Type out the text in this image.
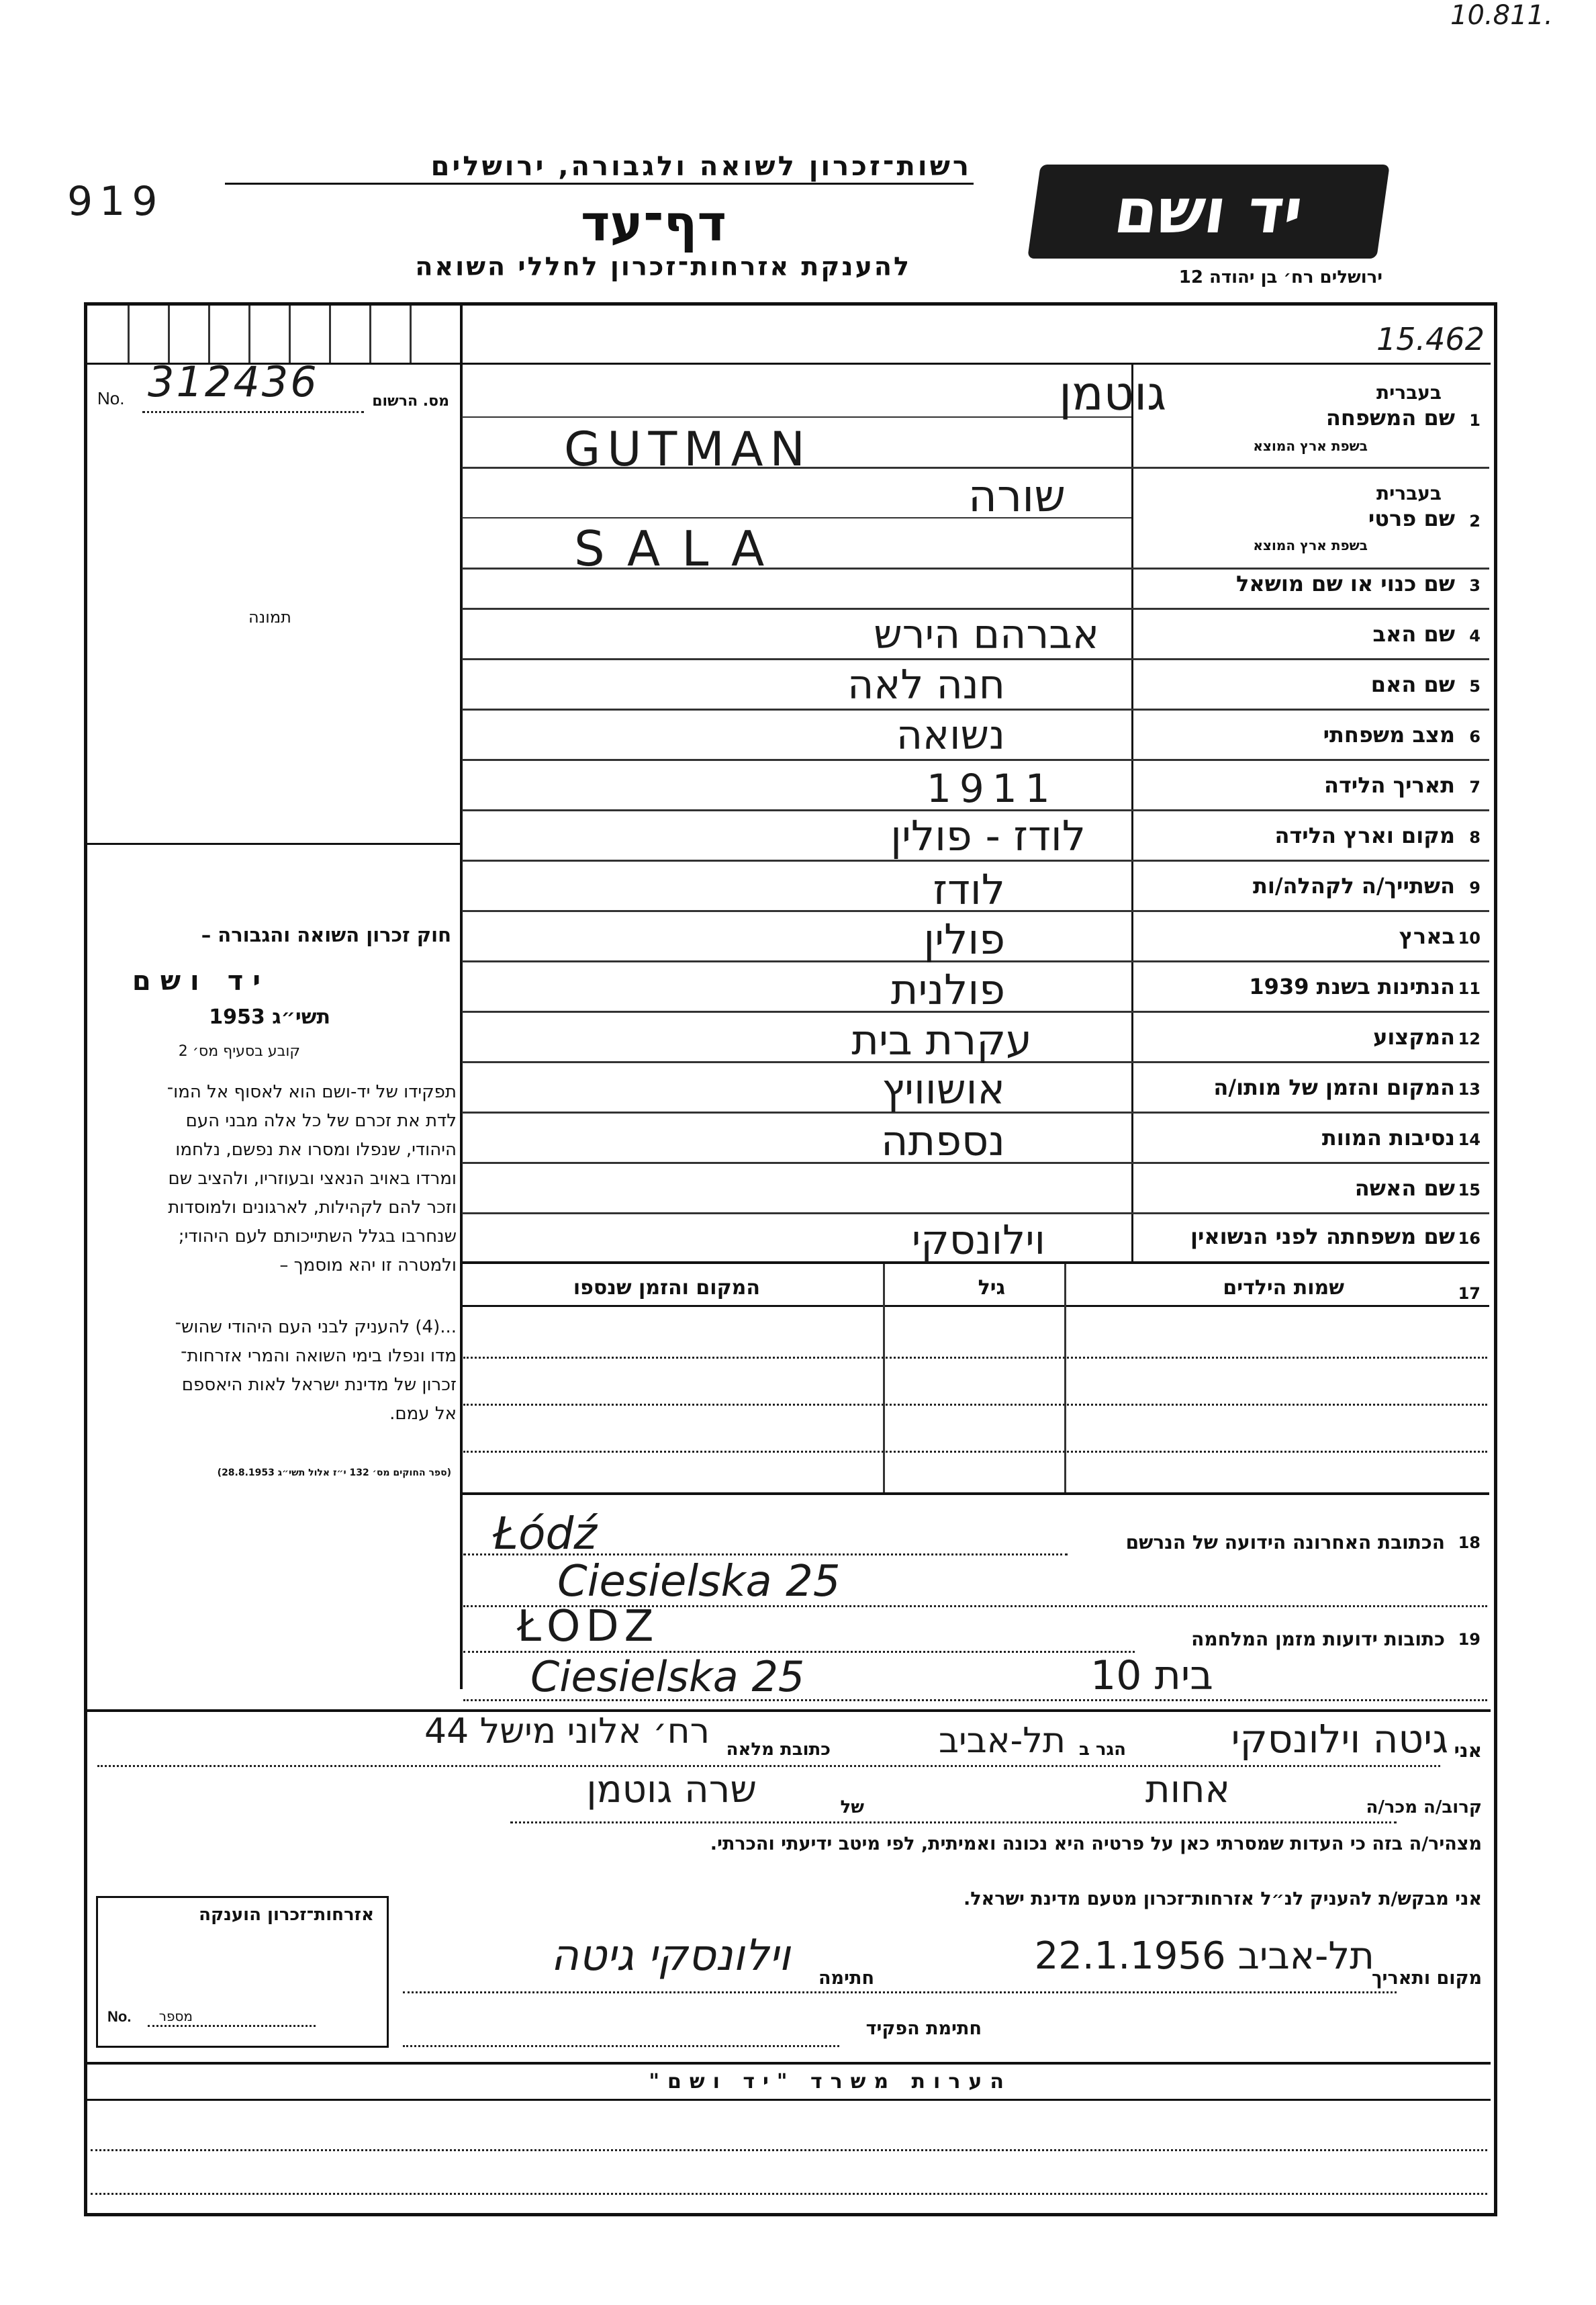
10.811.
919
רשות־זכרון לשואה ולגבורה, ירושלים
דף־עד
להענקת אזרחות־זכרון לחללי השואה
יד ושם
ירושלים רח׳ בן יהודה 12
15.462
No. 312436	מס. הרשום
תמונה
חוק זכרון השואה והגבורה –
יד ושם
תשי״ג 1953
קובע בסעיף מס׳ 2
תפקידו של יד-ושם הוא לאסוף אל המו־
לדת את זכרם של כל אלה מבני העם
היהודי, שנפלו ומסרו את נפשם, נלחמו
ומרדו באויב הנאצי ובעוזריו, ולהציב שם
וזכר להם לקהילות, לארגונים ולמוסדות
שנחרבו בגלל השתייכותם לעם היהודי;
ולמטרה זו יהא מוסמך –
...(4) להעניק לבני העם היהודי שהוש־
מדו ונפלו בימי השואה והמרי אזרחות־
זכרון של מדינת ישראל לאות היאספם
אל עמם.
(ספר החוקים מס׳ 132 י״ז אלול תשי״ג 28.8.1953)
1
שם המשפחה
בעברית
בשפת ארץ המוצא
גוטמן
GUTMAN
2
שם פרטי
בעברית
בשפת ארץ המוצא
שורה
SALA
3
שם כנוי או שם מושאל
4
שם האב
אברהם הירש
5
שם האם
חנה לאה
6
מצב משפחתי
נשואה
7
תאריך הלידה
1911
8
מקום וארץ הלידה
לודז - פולין
9
השתייך/ה לקהלה/ות
לודז
10
בארץ
פולין
11
הנתינות בשנת 1939
פולנית
12
המקצוע
עקרת בית
13
המקום והזמן של מותו/ה
אושוויץ
14
נסיבות המוות
נספתה
15
שם האשה
16
שם משפחתה לפני הנשואין
וילונסקי
17
שמות הילדים
גיל
המקום והזמן שנספו
הכתובת האחרונה הידועה של הנרשם 18
Łódź
Ciesielska 25
כתובות ידועות מזמן המלחמה 19
ŁODZ
Ciesielska 25	בית 10
אני
גיטה וילונסקי
הגר ב
תל-אביב
כתובת מלאה
רח׳ אלוני מישל 44
קרוב/ה מכר/ה
אחות
של
שרה גוטמן
מצהיר/ה בזה כי העדות שמסרתי כאן על פרטיה היא נכונה ואמיתית, לפי מיטב ידיעתי והכרתי.
אני מבקש/ת להעניק לנ״ל אזרחות־זכרון מטעם מדינת ישראל.
אזרחות־זכרון הוענקה
No. מספר
מקום ותאריך
תל-אביב 22.1.1956
חתימה
וילונסקי גיטה
חתימת הפקיד
הערות משרד "יד ושם"
